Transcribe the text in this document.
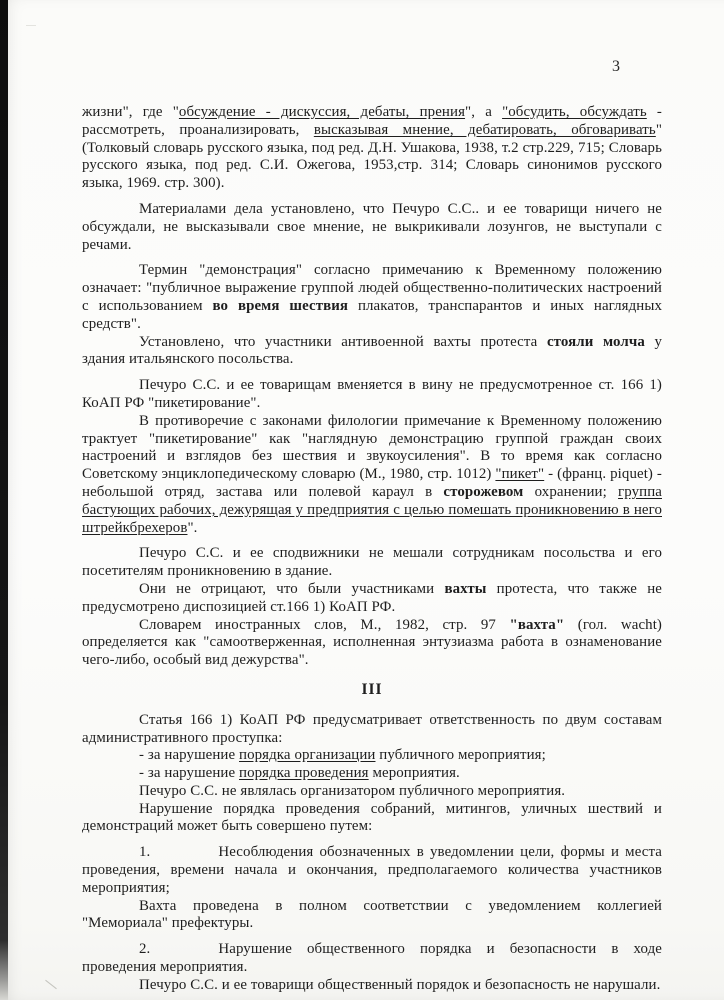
3

жизни", где "обсуждение - дискуссия, дебаты, прения", а "обсудить, обсуждать - рассмотреть, проанализировать, высказывая мнение, дебатировать, обговаривать" (Толковый словарь русского языка, под ред. Д.Н. Ушакова, 1938, т.2 стр.229, 715; Словарь русского языка, под ред. С.И. Ожегова, 1953,стр. 314; Словарь синонимов русского языка, 1969. стр. 300).

Материалами дела установлено, что Печуро С.С.. и ее товарищи ничего не обсуждали, не высказывали свое мнение, не выкрикивали лозунгов, не выступали с речами.

Термин "демонстрация" согласно примечанию к Временному положению означает: "публичное выражение группой людей общественно-политических настроений с использованием во время шествия плакатов, транспарантов и иных наглядных средств".

Установлено, что участники антивоенной вахты протеста стояли молча у здания итальянского посольства.

Печуро С.С. и ее товарищам вменяется в вину не предусмотренное ст. 166 1) КоАП РФ "пикетирование".

В противоречие с законами филологии примечание к Временному положению трактует "пикетирование" как "наглядную демонстрацию группой граждан своих настроений и взглядов без шествия и звукоусиления". В то время как согласно Советскому энциклопедическому словарю (М., 1980, стр. 1012) "пикет" - (франц. piquet) - небольшой отряд, застава или полевой караул в сторожевом охранении; группа бастующих рабочих, дежурящая у предприятия с целью помешать проникновению в него штрейкбрехеров".

Печуро С.С. и ее сподвижники не мешали сотрудникам посольства и его посетителям проникновению в здание.

Они не отрицают, что были участниками вахты протеста, что также не предусмотрено диспозицией ст.166 1) КоАП РФ.

Словарем иностранных слов, М., 1982, стр. 97 "вахта" (гол. wacht) определяется как "самоотверженная, исполненная энтузиазма работа в ознаменование чего-либо, особый вид дежурства".

III

Статья 166 1) КоАП РФ предусматривает ответственность по двум составам административного проступка:

- за нарушение порядка организации публичного мероприятия;

- за нарушение порядка проведения мероприятия.

Печуро С.С. не являлась организатором публичного мероприятия.

Нарушение порядка проведения собраний, митингов, уличных шествий и демонстраций может быть совершено путем:

1.	Несоблюдения обозначенных в уведомлении цели, формы и места проведения, времени начала и окончания, предполагаемого количества участников мероприятия;

Вахта проведена в полном соответствии с уведомлением коллегией "Мемориала" префектуры.

2.	Нарушение общественного порядка и безопасности в ходе проведения мероприятия.

Печуро С.С. и ее товарищи общественный порядок и безопасность не нарушали.
